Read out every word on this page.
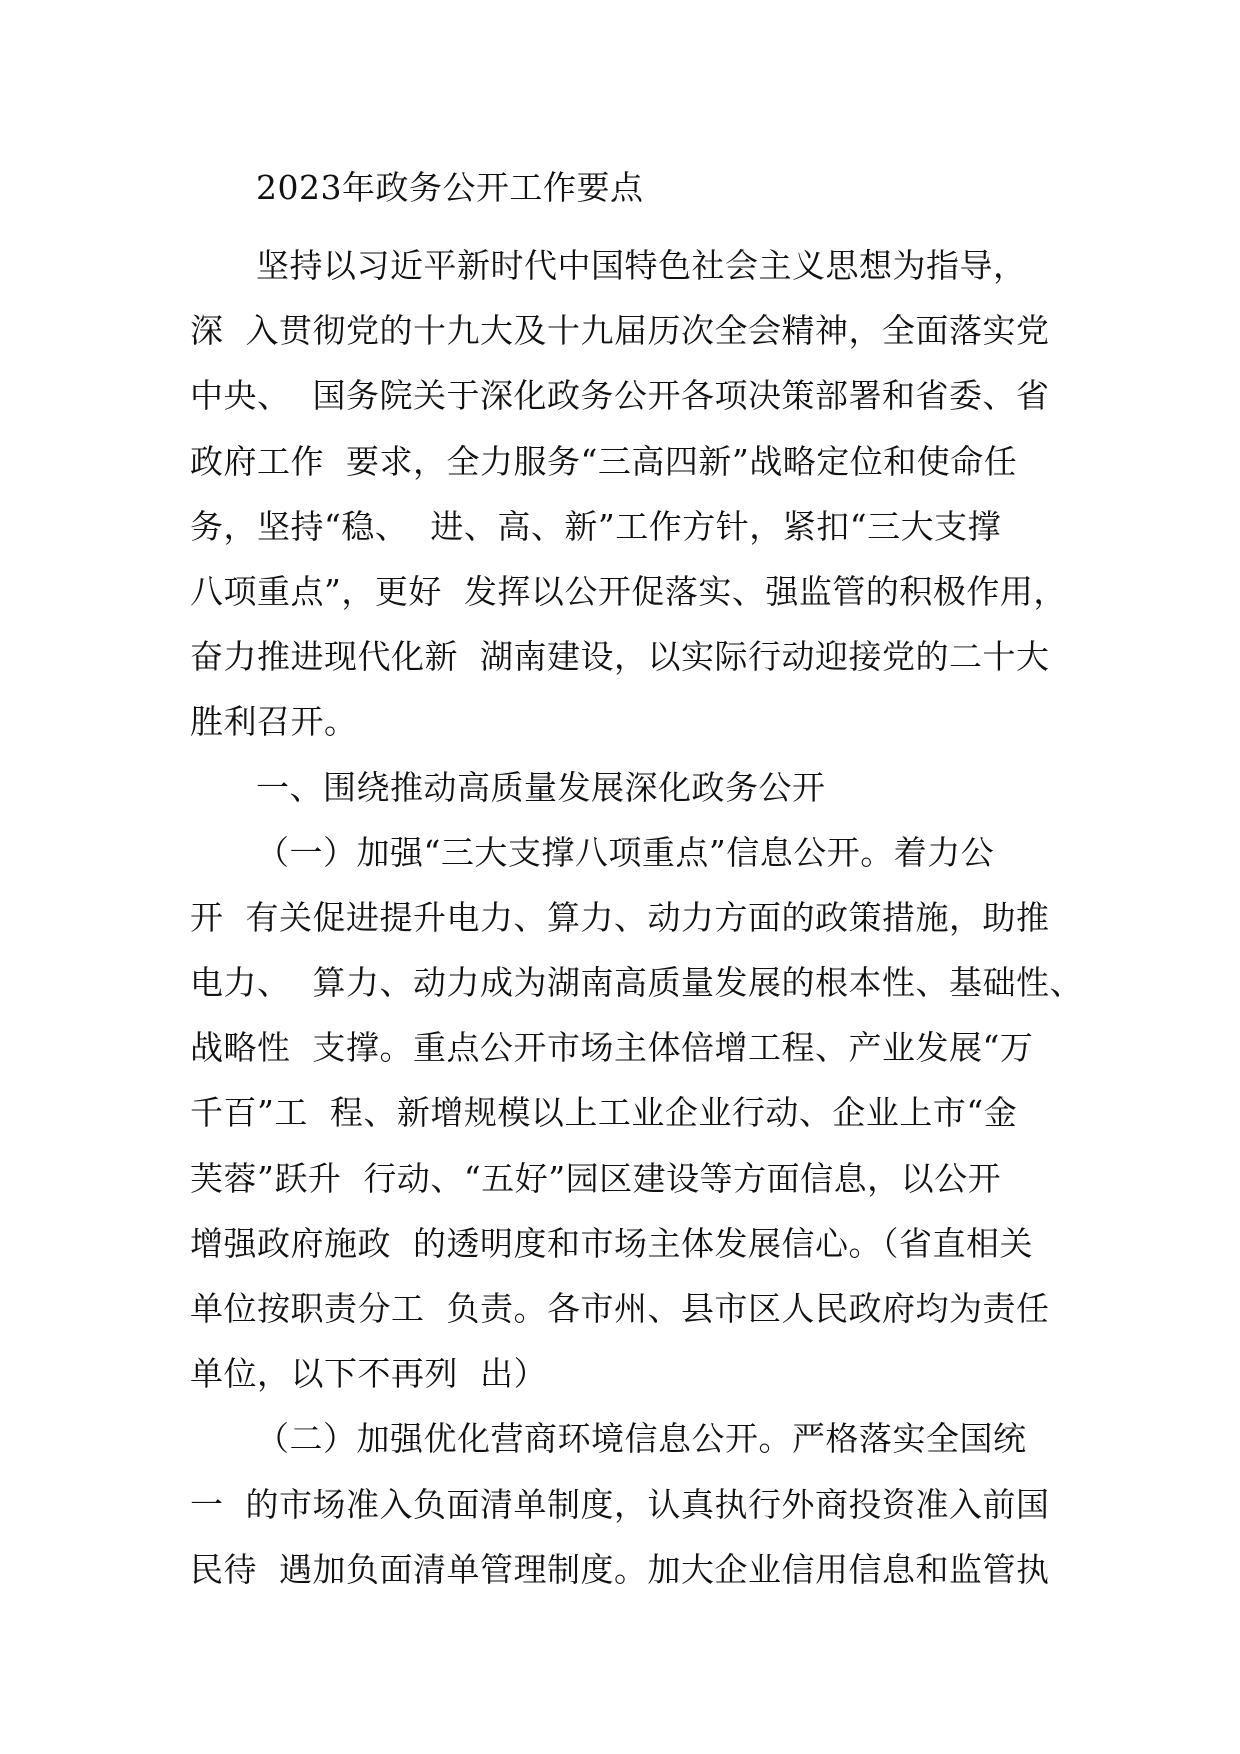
2023年政务公开工作要点
坚持以习近平新时代中国特色社会主义思想为指导，
深  入贯彻党的十九大及十九届历次全会精神，全面落实党
中央、  国务院关于深化政务公开各项决策部署和省委、省
政府工作  要求，全力服务“三高四新”战略定位和使命任
务，坚持“稳、  进、高、新”工作方针，紧扣“三大支撑
八项重点”，更好  发挥以公开促落实、强监管的积极作用，
奋力推进现代化新  湖南建设，以实际行动迎接党的二十大
胜利召开。
一、围绕推动高质量发展深化政务公开
（一）加强“三大支撑八项重点”信息公开。着力公
开  有关促进提升电力、算力、动力方面的政策措施，助推
电力、  算力、动力成为湖南高质量发展的根本性、基础性、
战略性  支撑。重点公开市场主体倍增工程、产业发展“万
千百”工  程、新增规模以上工业企业行动、企业上市“金
芙蓉”跃升  行动、“五好”园区建设等方面信息，以公开
增强政府施政  的透明度和市场主体发展信心。（省直相关
单位按职责分工  负责。各市州、县市区人民政府均为责任
单位，以下不再列  出）
（二）加强优化营商环境信息公开。严格落实全国统
一  的市场准入负面清单制度，认真执行外商投资准入前国
民待  遇加负面清单管理制度。加大企业信用信息和监管执
